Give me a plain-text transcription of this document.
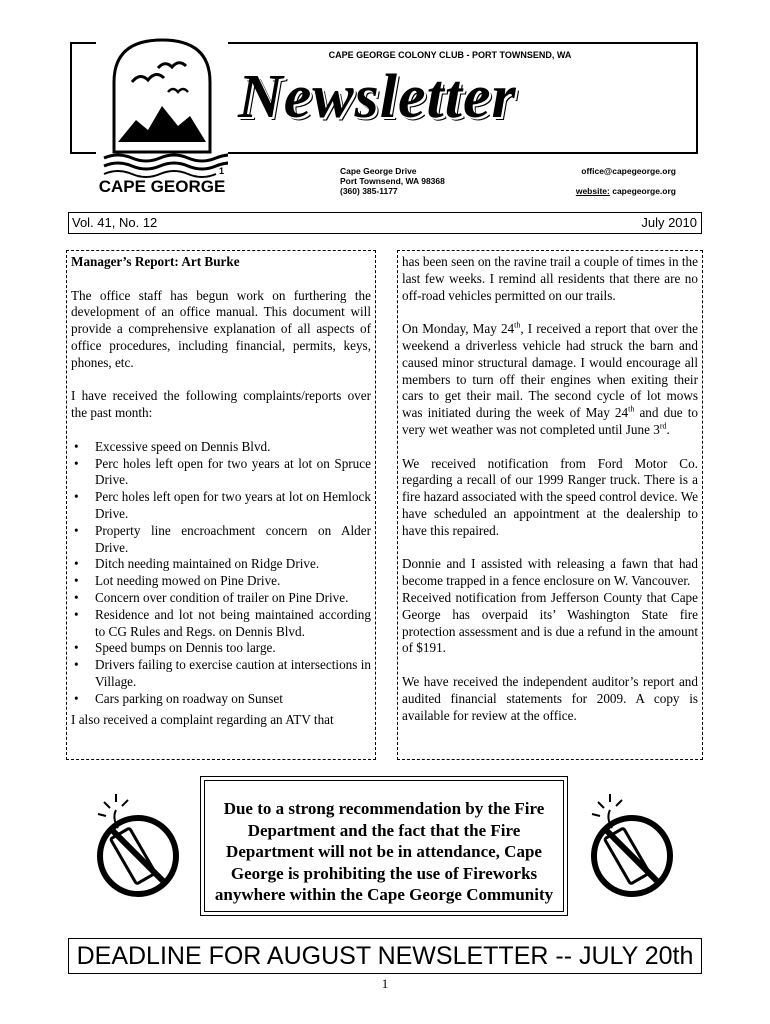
CAPE GEORGE
1
CAPE GEORGE COLONY CLUB - PORT TOWNSEND, WA
Newsletter
Cape George Drive
Port Townsend, WA 98368
(360) 385-1177
office@capegeorge.org
website: capegeorge.org
Vol. 41, No. 12	July 2010
Manager’s Report: Art Burke

The office staff has begun work on furthering the development of an office manual. This document will provide a comprehensive explanation of all aspects of office procedures, including financial, permits, keys, phones, etc.

I have received the following complaints/reports over the past month:

• Excessive speed on Dennis Blvd.
• Perc holes left open for two years at lot on Spruce Drive.
• Perc holes left open for two years at lot on Hemlock Drive.
• Property line encroachment concern on Alder Drive.
• Ditch needing maintained on Ridge Drive.
• Lot needing mowed on Pine Drive.
• Concern over condition of trailer on Pine Drive.
• Residence and lot not being maintained according to CG Rules and Regs. on Dennis Blvd.
• Speed bumps on Dennis too large.
• Drivers failing to exercise caution at intersections in Village.
• Cars parking on roadway on Sunset

I also received a complaint regarding an ATV that

has been seen on the ravine trail a couple of times in the last few weeks. I remind all residents that there are no off-road vehicles permitted on our trails.

On Monday, May 24th, I received a report that over the weekend a driverless vehicle had struck the barn and caused minor structural damage. I would encourage all members to turn off their engines when exiting their cars to get their mail. The second cycle of lot mows was initiated during the week of May 24th and due to very wet weather was not completed until June 3rd.

We received notification from Ford Motor Co. regarding a recall of our 1999 Ranger truck. There is a fire hazard associated with the speed control device. We have scheduled an appointment at the dealership to have this repaired.

Donnie and I assisted with releasing a fawn that had become trapped in a fence enclosure on W. Vancouver.

Received notification from Jefferson County that Cape George has overpaid its’ Washington State fire protection assessment and is due a refund in the amount of $191.

We have received the independent auditor’s report and audited financial statements for 2009. A copy is available for review at the office.

Due to a strong recommendation by the Fire Department and the fact that the Fire Department will not be in attendance, Cape George is prohibiting the use of Fireworks anywhere within the Cape George Community
DEADLINE FOR AUGUST NEWSLETTER -- JULY 20th
1
